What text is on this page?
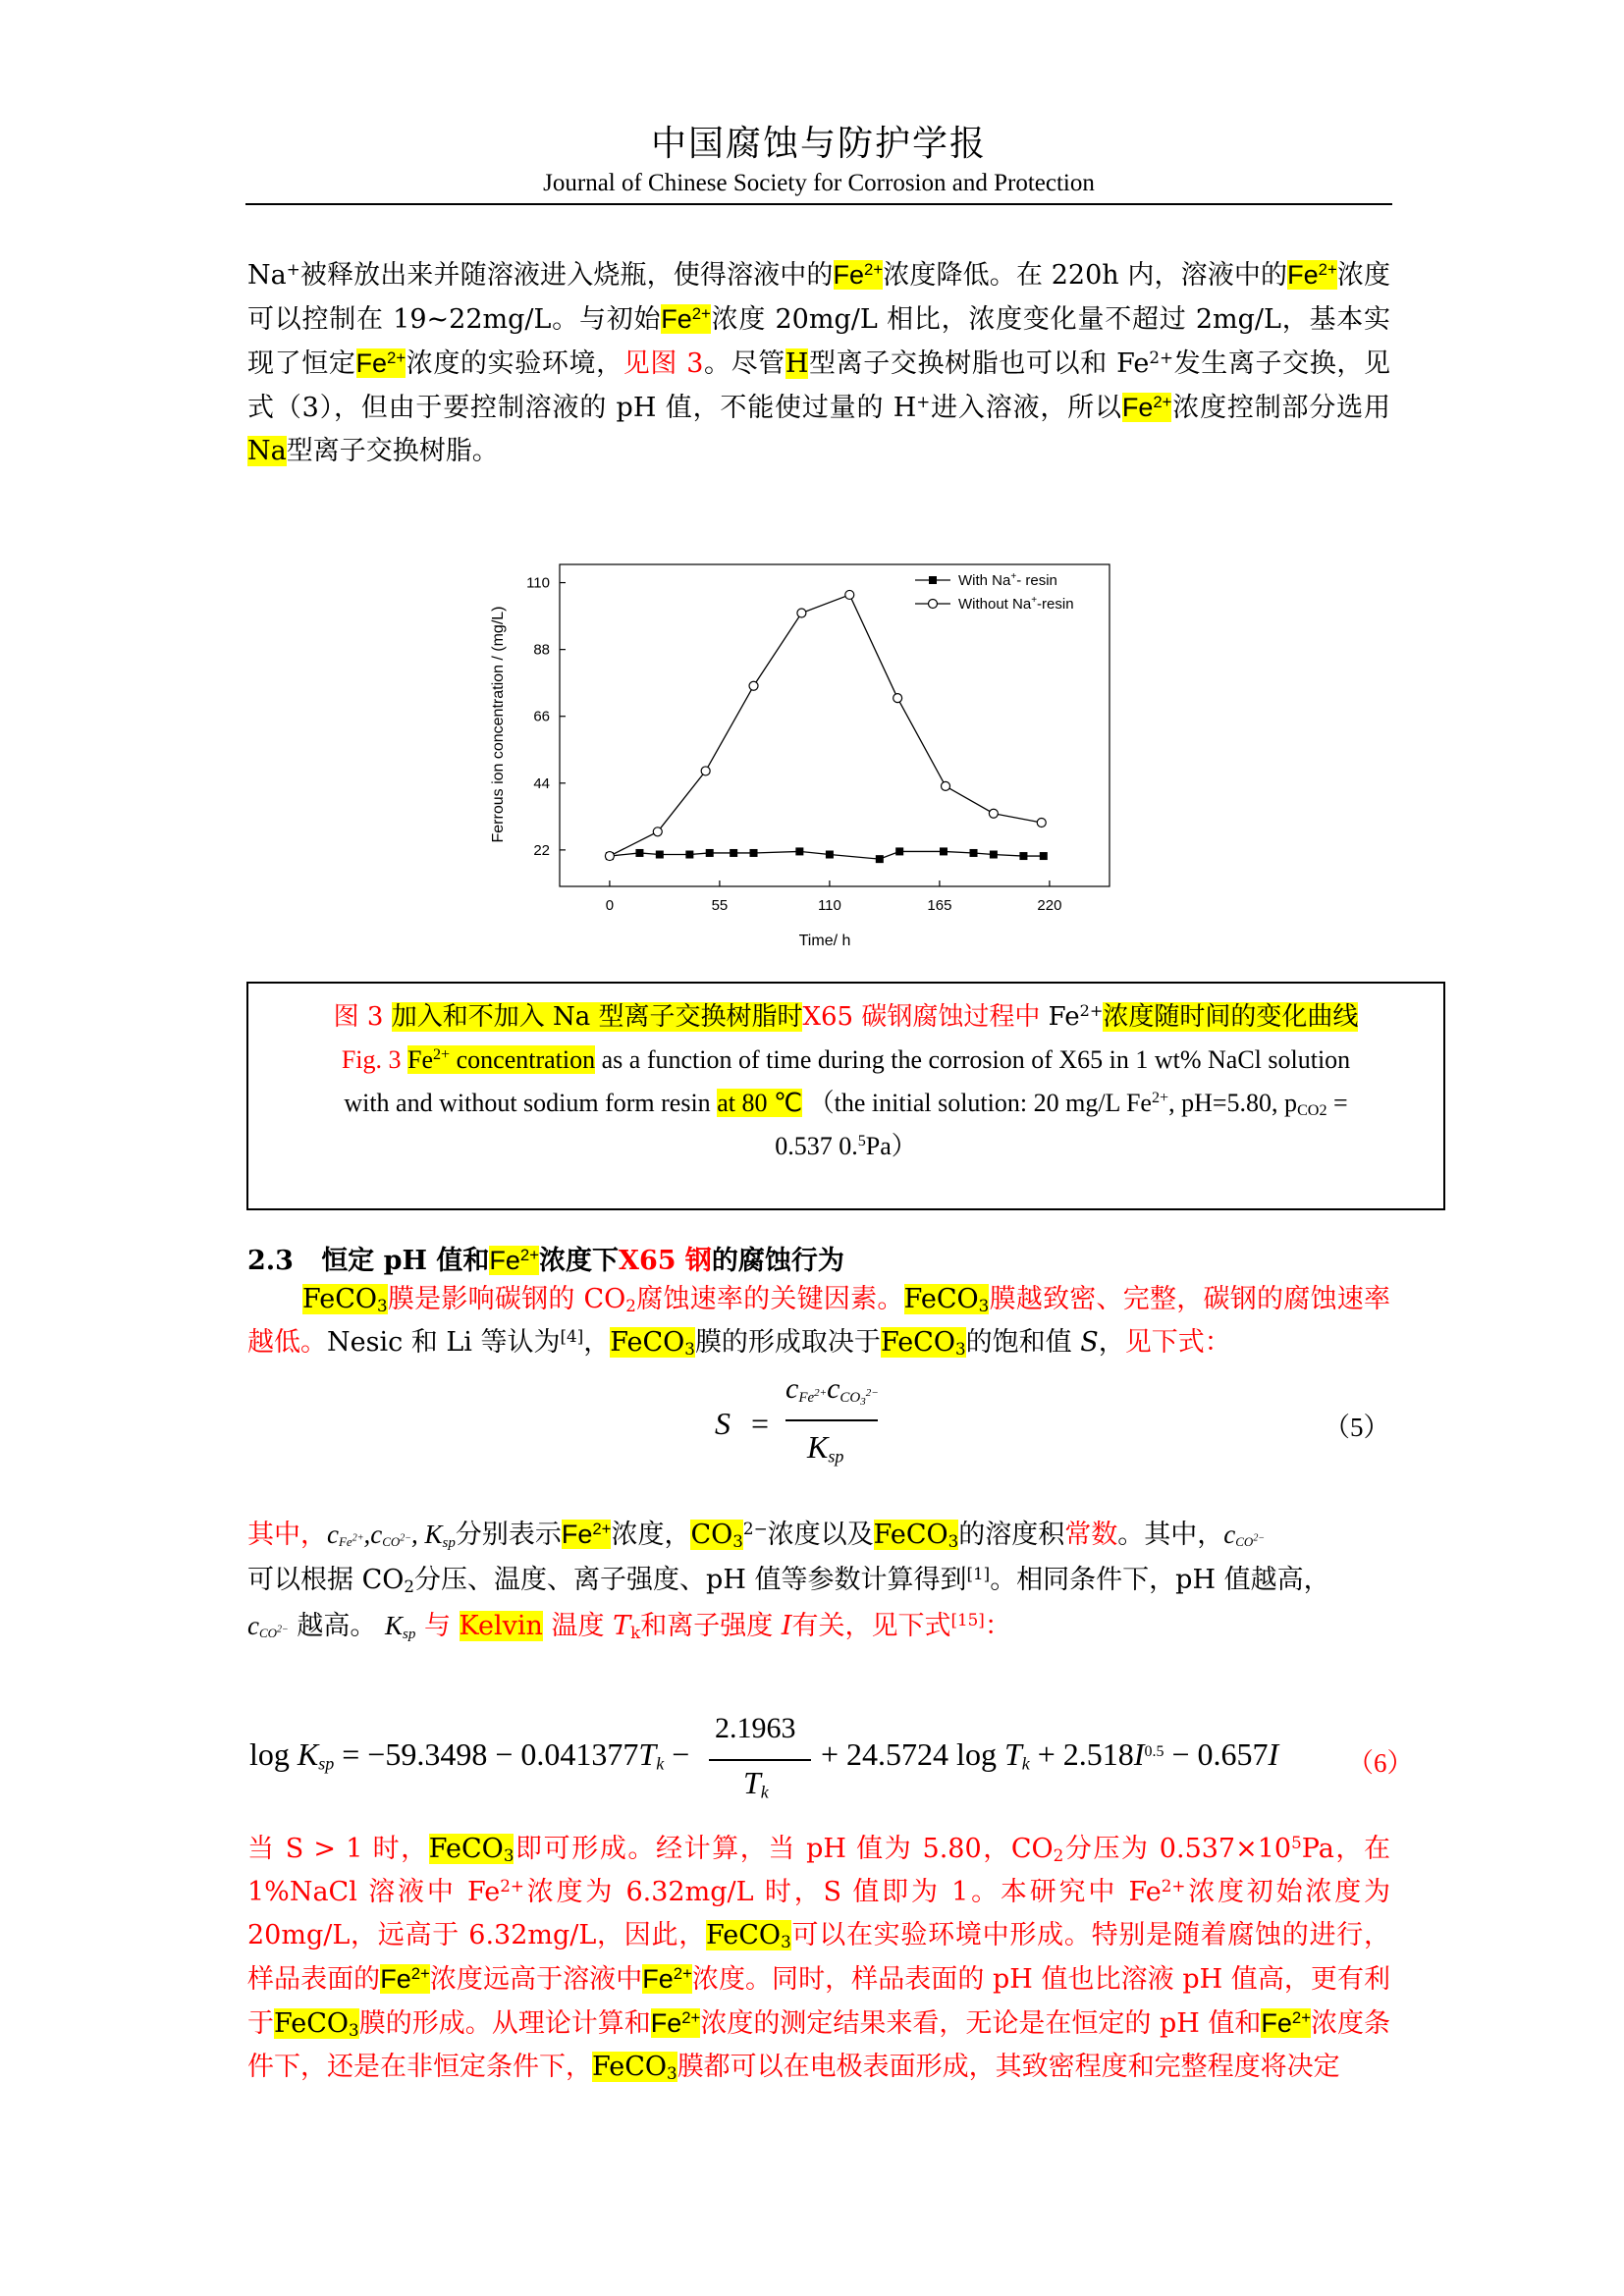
中国腐蚀与防护学报
Journal of Chinese Society for Corrosion and Protection
Na+被释放出来并随溶液进入烧瓶，使得溶液中的$Fe^{2+}$浓度降低。在 220h 内，溶液中的$Fe^{2+}$浓度可以控制在 19~22mg/L。与初始$Fe^{2+}$浓度 20mg/L 相比，浓度变化量不超过 2mg/L，基本实现了恒定$Fe^{2+}$浓度的实验环境，见图 3。尽管H型离子交换树脂也可以和 $Fe^{2+}$发生离子交换，见式（3），但由于要控制溶液的 pH 值，不能使过量的 H+进入溶液，所以$Fe^{2+}$浓度控制部分选用Na型离子交换树脂。
0	55	110	165	220
22
44
66
88
110	With Na+- resin
Without Na+-resin
Time/ h
Ferrous ion concentration / (mg/L)
图 3 加入和不加入 Na 型离子交换树脂时X65 碳钢腐蚀过程中 $Fe^{2+}$浓度随时间的变化曲线
Fig. 3 $Fe^{2+}$ concentration as a function of time during the corrosion of X65 in 1 wt% NaCl solution
with and without sodium form resin at 80 ℃ （the initial solution: 20 mg/L $Fe^{2+}$, pH=5.80, $p_{CO2}$ =
0.537 0.$^5$Pa）
2.3 恒定 pH 值和$Fe^{2+}$浓度下X65 钢的腐蚀行为
FeCO$_3$膜是影响碳钢的 $CO_2$腐蚀速率的关键因素。FeCO$_3$膜越致密、完整，碳钢的腐蚀速率越低。Nesic 和 Li 等认为[4]，FeCO$_3$膜的形成取决于FeCO$_3$的饱和值 S，见下式：
S =
$c_{Fe^{2+}}c_{CO_3^{2-}}$
$K_{sp}$
（5）
其中，$c_{Fe^{2+}},c_{CO^{2-}}$, $K_{sp}$分别表示$Fe^{2+}$浓度，$CO_3^{2-}$浓度以及FeCO$_3$的溶度积常数。其中，$c_{CO^{2-}}$
可以根据 $CO_2$分压、温度、离子强度、pH 值等参数计算得到[1]。相同条件下，pH 值越高，
$c_{CO^{2-}}$ 越高。 $K_{sp}$ 与 Kelvin 温度 $T_k$和离子强度 I有关，见下式[15]：
$\log K_{sp} = -59.3498 - 0.041377T_k$ −
2.1963
$T_k$
+ 24.5724 $\log T_k + 2.518I^{0.5} - 0.657I$	（6）
当 S > 1 时，FeCO$_3$即可形成。经计算，当 pH 值为 5.80，$CO_2$分压为 $0.537\times 10^5Pa$，在 1%NaCl 溶液中 $Fe^{2+}$浓度为 6.32mg/L 时，S 值即为 1。本研究中 $Fe^{2+}$浓度初始浓度为 20mg/L，远高于 6.32mg/L，因此，FeCO$_3$可以在实验环境中形成。特别是随着腐蚀的进行，样品表面的$Fe^{2+}$浓度远高于溶液中$Fe^{2+}$浓度。同时，样品表面的 pH 值也比溶液 pH 值高，更有利于FeCO$_3$膜的形成。从理论计算和$Fe^{2+}$浓度的测定结果来看，无论是在恒定的 pH 值和$Fe^{2+}$浓度条件下，还是在非恒定条件下，FeCO$_3$膜都可以在电极表面形成，其致密程度和完整程度将决定
